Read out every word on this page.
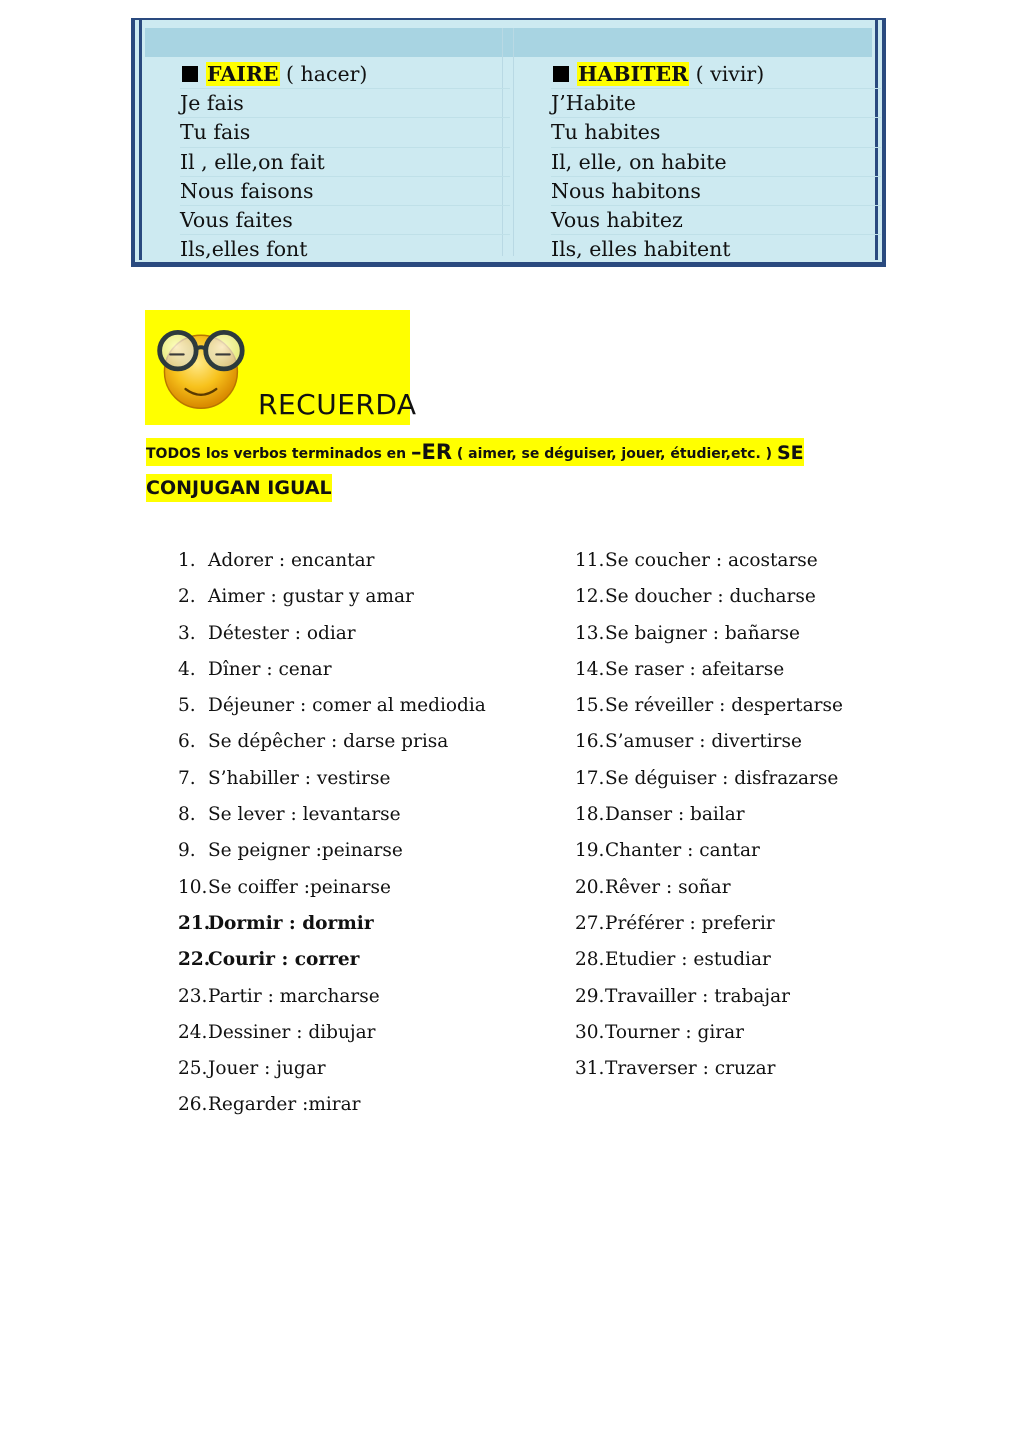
FAIRE ( hacer)
Je fais
Tu fais
Il , elle,on fait
Nous faisons
Vous faites
Ils,elles font
HABITER ( vivir)
J’Habite
Tu habites
Il, elle, on habite
Nous habitons
Vous habitez
Ils, elles habitent
RECUERDA
TODOS los verbos terminados en –ER ( aimer, se déguiser, jouer, étudier,etc. ) SE
CONJUGAN IGUAL
1. Adorer : encantar
2. Aimer : gustar y amar
3. Détester : odiar
4. Dîner : cenar
5. Déjeuner : comer al mediodia
6. Se dépêcher : darse prisa
7. S’habiller : vestirse
8. Se lever : levantarse
9. Se peigner :peinarse
10.Se coiffer :peinarse
21.Dormir : dormir
22.Courir : correr
23.Partir : marcharse
24.Dessiner : dibujar
25.Jouer : jugar
26.Regarder :mirar
11.Se coucher : acostarse
12.Se doucher : ducharse
13.Se baigner : bañarse
14.Se raser : afeitarse
15.Se réveiller : despertarse
16.S’amuser : divertirse
17.Se déguiser : disfrazarse
18.Danser : bailar
19.Chanter : cantar
20.Rêver : soñar
27.Préférer : preferir
28.Etudier : estudiar
29.Travailler : trabajar
30.Tourner : girar
31.Traverser : cruzar
